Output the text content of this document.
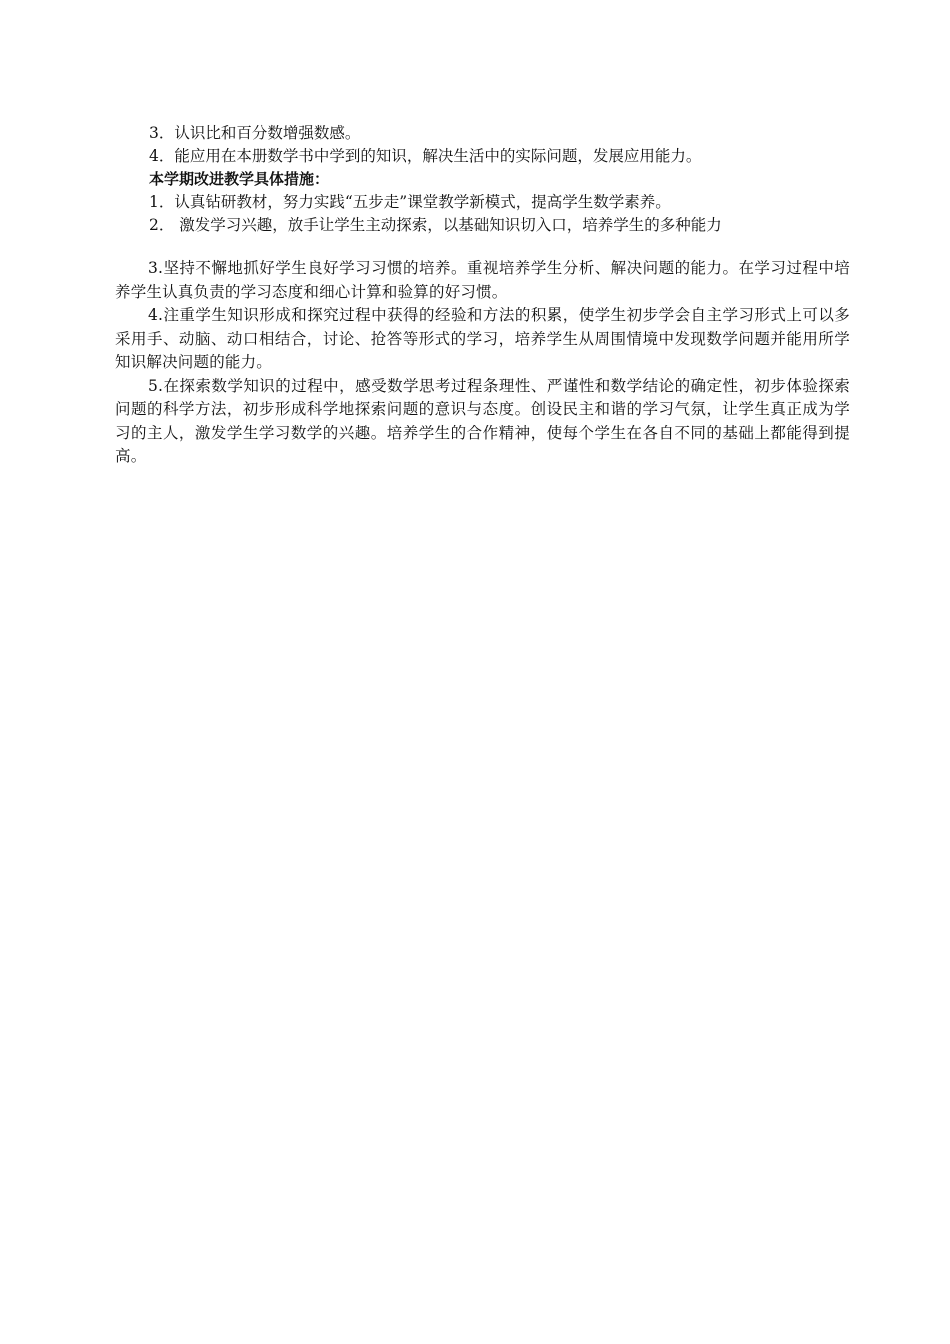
3．认识比和百分数增强数感。

4．能应用在本册数学书中学到的知识，解决生活中的实际问题，发展应用能力。

本学期改进教学具体措施：

1．认真钻研教材，努力实践“五步走”课堂教学新模式，提高学生数学素养。

2． 激发学习兴趣，放手让学生主动探索，以基础知识切入口，培养学生的多种能力

3.坚持不懈地抓好学生良好学习习惯的培养。重视培养学生分析、解决问题的能力。在学习过程中培养学生认真负责的学习态度和细心计算和验算的好习惯。

4.注重学生知识形成和探究过程中获得的经验和方法的积累，使学生初步学会自主学习形式上可以多采用手、动脑、动口相结合，讨论、抢答等形式的学习，培养学生从周围情境中发现数学问题并能用所学知识解决问题的能力。

5.在探索数学知识的过程中，感受数学思考过程条理性、严谨性和数学结论的确定性，初步体验探索问题的科学方法，初步形成科学地探索问题的意识与态度。创设民主和谐的学习气氛，让学生真正成为学习的主人，激发学生学习数学的兴趣。培养学生的合作精神，使每个学生在各自不同的基础上都能得到提高。
